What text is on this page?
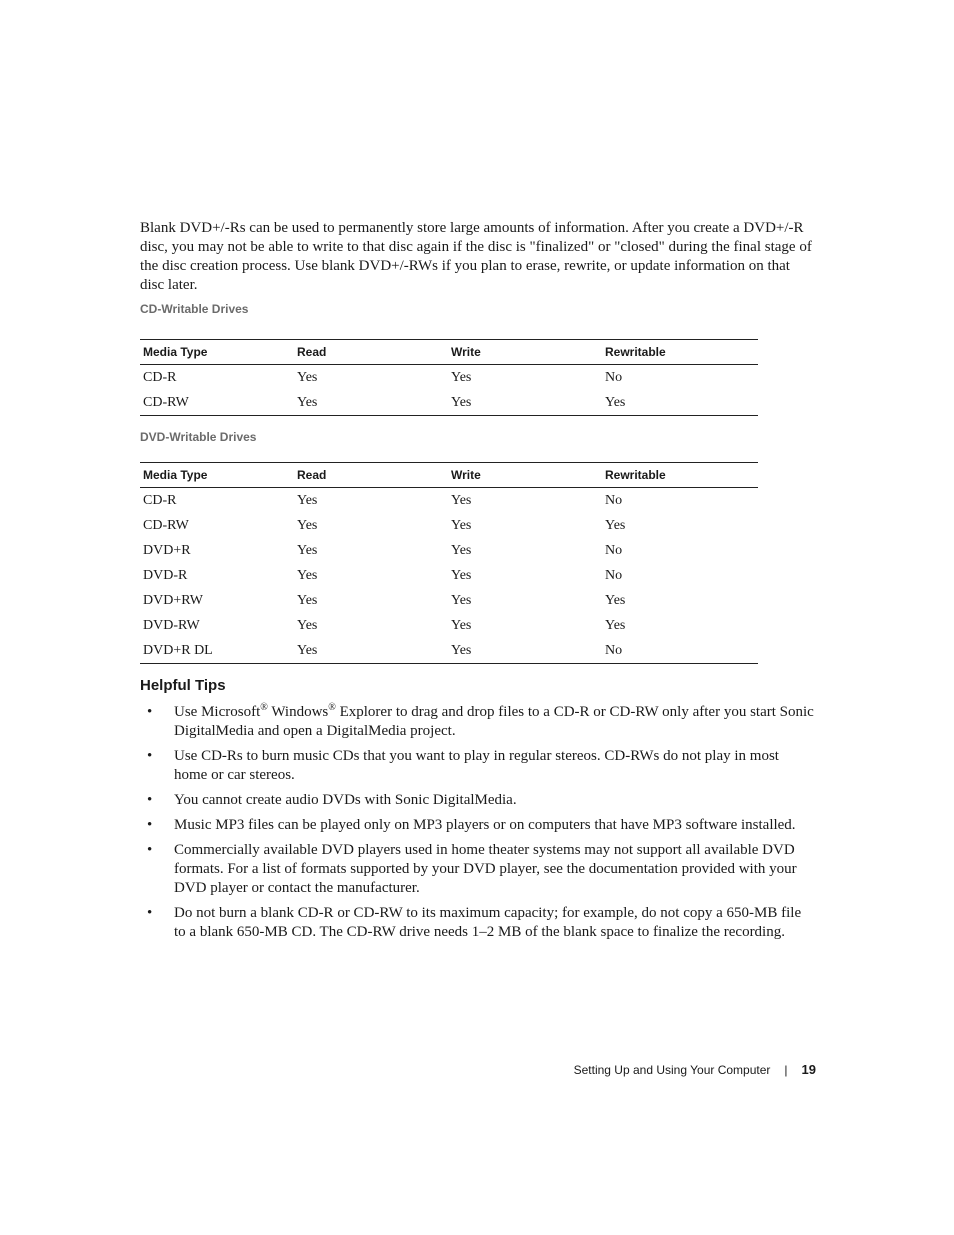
Blank DVD+/-Rs can be used to permanently store large amounts of information. After you create a DVD+/-R disc, you may not be able to write to that disc again if the disc is "finalized" or "closed" during the final stage of the disc creation process. Use blank DVD+/-RWs if you plan to erase, rewrite, or update information on that disc later.

CD-Writable Drives

Media Type	Read	Write	Rewritable
CD-R	Yes	Yes	No
CD-RW	Yes	Yes	Yes

DVD-Writable Drives

Media Type	Read	Write	Rewritable
CD-R	Yes	Yes	No
CD-RW	Yes	Yes	Yes
DVD+R	Yes	Yes	No
DVD-R	Yes	Yes	No
DVD+RW	Yes	Yes	Yes
DVD-RW	Yes	Yes	Yes
DVD+R DL	Yes	Yes	No
Helpful Tips
• Use Microsoft® Windows® Explorer to drag and drop files to a CD-R or CD-RW only after you start Sonic DigitalMedia and open a DigitalMedia project.
• Use CD-Rs to burn music CDs that you want to play in regular stereos. CD-RWs do not play in most home or car stereos.
• You cannot create audio DVDs with Sonic DigitalMedia.
• Music MP3 files can be played only on MP3 players or on computers that have MP3 software installed.
• Commercially available DVD players used in home theater systems may not support all available DVD formats. For a list of formats supported by your DVD player, see the documentation provided with your DVD player or contact the manufacturer.
• Do not burn a blank CD-R or CD-RW to its maximum capacity; for example, do not copy a 650-MB file to a blank 650-MB CD. The CD-RW drive needs 1–2 MB of the blank space to finalize the recording.
Setting Up and Using Your Computer | 19
